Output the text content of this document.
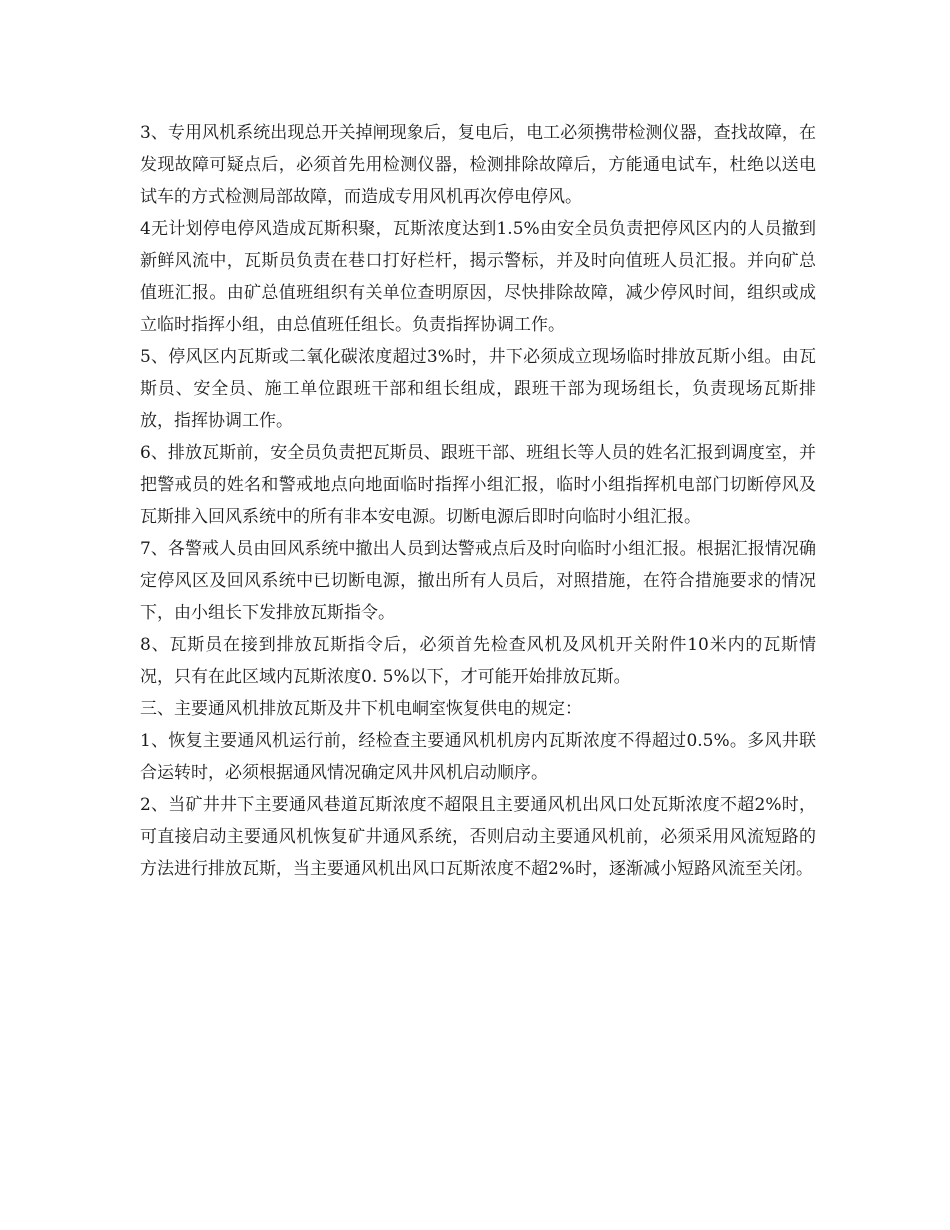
3、专用风机系统出现总开关掉闸现象后，复电后，电工必须携带检测仪器，查找故障，在发现故障可疑点后，必须首先用检测仪器，检测排除故障后，方能通电试车，杜绝以送电试车的方式检测局部故障，而造成专用风机再次停电停风。

4无计划停电停风造成瓦斯积聚，瓦斯浓度达到1.5%由安全员负责把停风区内的人员撤到新鲜风流中，瓦斯员负责在巷口打好栏杆，揭示警标，并及时向值班人员汇报。并向矿总值班汇报。由矿总值班组织有关单位查明原因，尽快排除故障，减少停风时间，组织或成立临时指挥小组，由总值班任组长。负责指挥协调工作。

5、停风区内瓦斯或二氧化碳浓度超过3%时，井下必须成立现场临时排放瓦斯小组。由瓦斯员、安全员、施工单位跟班干部和组长组成，跟班干部为现场组长，负责现场瓦斯排放，指挥协调工作。

6、排放瓦斯前，安全员负责把瓦斯员、跟班干部、班组长等人员的姓名汇报到调度室，并把警戒员的姓名和警戒地点向地面临时指挥小组汇报，临时小组指挥机电部门切断停风及瓦斯排入回风系统中的所有非本安电源。切断电源后即时向临时小组汇报。

7、各警戒人员由回风系统中撤出人员到达警戒点后及时向临时小组汇报。根据汇报情况确定停风区及回风系统中已切断电源，撤出所有人员后，对照措施，在符合措施要求的情况下，由小组长下发排放瓦斯指令。

8、瓦斯员在接到排放瓦斯指令后，必须首先检查风机及风机开关附件10米内的瓦斯情况，只有在此区域内瓦斯浓度0. 5%以下，才可能开始排放瓦斯。

三、主要通风机排放瓦斯及井下机电峒室恢复供电的规定：

1、恢复主要通风机运行前，经检查主要通风机机房内瓦斯浓度不得超过0.5%。多风井联合运转时，必须根据通风情况确定风井风机启动顺序。

2、当矿井井下主要通风巷道瓦斯浓度不超限且主要通风机出风口处瓦斯浓度不超2%时，可直接启动主要通风机恢复矿井通风系统，否则启动主要通风机前，必须采用风流短路的方法进行排放瓦斯，当主要通风机出风口瓦斯浓度不超2%时，逐渐减小短路风流至关闭。
